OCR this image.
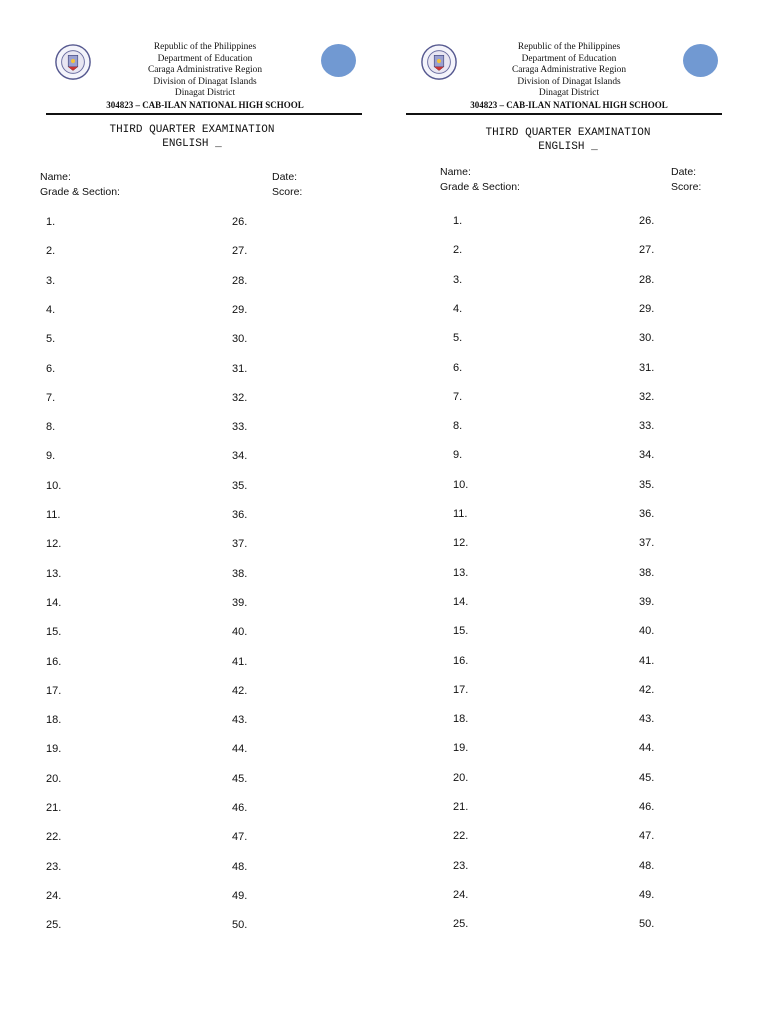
Republic of the Philippines
Department of Education
Caraga Administrative Region
Division of Dinagat Islands
Dinagat District
304823 – CAB-ILAN NATIONAL HIGH SCHOOL
THIRD QUARTER EXAMINATION
ENGLISH _
Name:
Grade & Section:
Date:
Score:
1.
2.
3.
4.
5.
6.
7.
8.
9.
10.
11.
12.
13.
14.
15.
16.
17.
18.
19.
20.
21.
22.
23.
24.
25.
26.
27.
28.
29.
30.
31.
32.
33.
34.
35.
36.
37.
38.
39.
40.
41.
42.
43.
44.
45.
46.
47.
48.
49.
50.
Republic of the Philippines
Department of Education
Caraga Administrative Region
Division of Dinagat Islands
Dinagat District
304823 – CAB-ILAN NATIONAL HIGH SCHOOL
THIRD QUARTER EXAMINATION
ENGLISH _
Name:
Grade & Section:
Date:
Score:
1.
2.
3.
4.
5.
6.
7.
8.
9.
10.
11.
12.
13.
14.
15.
16.
17.
18.
19.
20.
21.
22.
23.
24.
25.
26.
27.
28.
29.
30.
31.
32.
33.
34.
35.
36.
37.
38.
39.
40.
41.
42.
43.
44.
45.
46.
47.
48.
49.
50.
